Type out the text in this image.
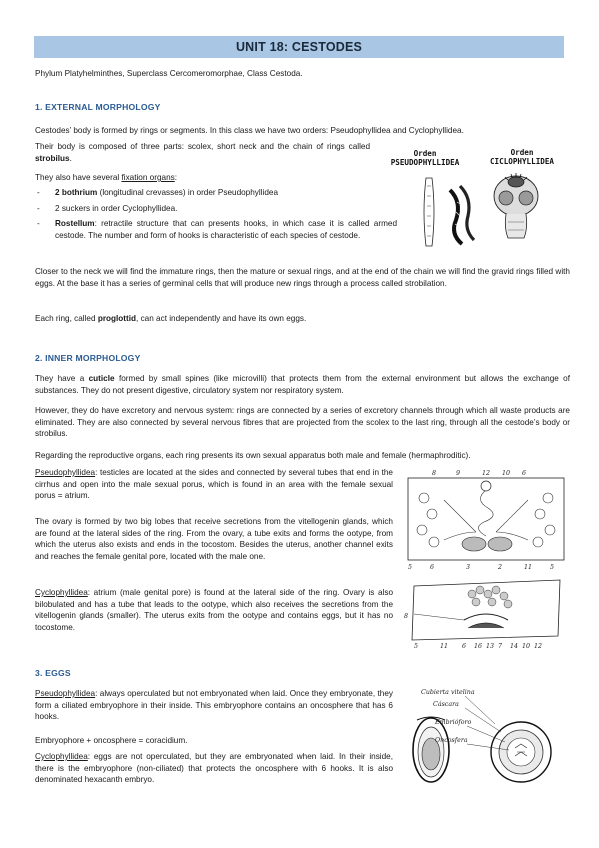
UNIT 18: CESTODES
Phylum Platyhelminthes, Superclass Cercomeromorphae, Class Cestoda.
1. EXTERNAL MORPHOLOGY
Cestodes’ body is formed by rings or segments. In this class we have two orders: Pseudophyllidea and Cyclophyllidea.
Their body is composed of three parts: scolex, short neck and the chain of rings called strobilus.
They also have several fixation organs:
- 2 bothrium (longitudinal crevasses) in order Pseudophyllidea
- 2 suckers in order Cyclophyllidea.
- Rostellum: retractile structure that can presents hooks, in which case it is called armed cestode. The number and form of hooks is characteristic of each species of cestode.
Orden
PSEUDOPHYLLIDEA
Orden
CICLOPHYLLIDEA
Closer to the neck we will find the immature rings, then the mature or sexual rings, and at the end of the chain we will find the gravid rings filled with eggs. At the base it has a series of germinal cells that will produce new rings through a process called strobilation.
Each ring, called proglottid, can act independently and have its own eggs.
2. INNER MORPHOLOGY
They have a cuticle formed by small spines (like microvilli) that protects them from the external environment but allows the exchange of substances. They do not present digestive, circulatory system nor respiratory system.
However, they do have excretory and nervous system: rings are connected by a series of excretory channels through which all waste products are eliminated. They are also connected by several nervous fibres that are projected from the scolex to the last ring, through all the cestode’s body or strobilus.
Regarding the reproductive organs, each ring presents its own sexual apparatus both male and female (hermaphroditic).
Pseudophyllidea: testicles are located at the sides and connected by several tubes that end in the cirrhus and open into the male sexual porus, which is found in an area with the female sexual porus = atrium.
The ovary is formed by two big lobes that receive secretions from the vitellogenin glands, which are found at the lateral sides of the ring. From the ovary, a tube exits and forms the ootype, from which the uterus also exists and ends in the tocostom. Besides the uterus, another channel exits and reaches the female genital pore, located with the male one.
Cyclophyllidea: atrium (male genital pore) is found at the lateral side of the ring. Ovary is also bilobulated and has a tube that leads to the ootype, which also receives the secretions from the vitellogenin glands (smaller). The uterus exits from the ootype and contains eggs, but it has no tocostome.
8	9	12 10 6
5	6	3	2	11	5
8
5	11 6 16 13 7 14 10 12
3. EGGS
Pseudophyllidea: always operculated but not embryonated when laid. Once they embryonate, they form a ciliated embryophore in their inside. This embryophore contains an oncosphere that has 6 hooks.
Embryophore + oncosphere = coracidium.
Cyclophyllidea: eggs are not operculated, but they are embryonated when laid. In their inside, there is the embryophore (non-ciliated) that protects the oncosphere with 6 hooks. It is also denominated hexacanth embryo.
Cubierta vitelina
Cáscara
Embrióforo
Oncosfera
